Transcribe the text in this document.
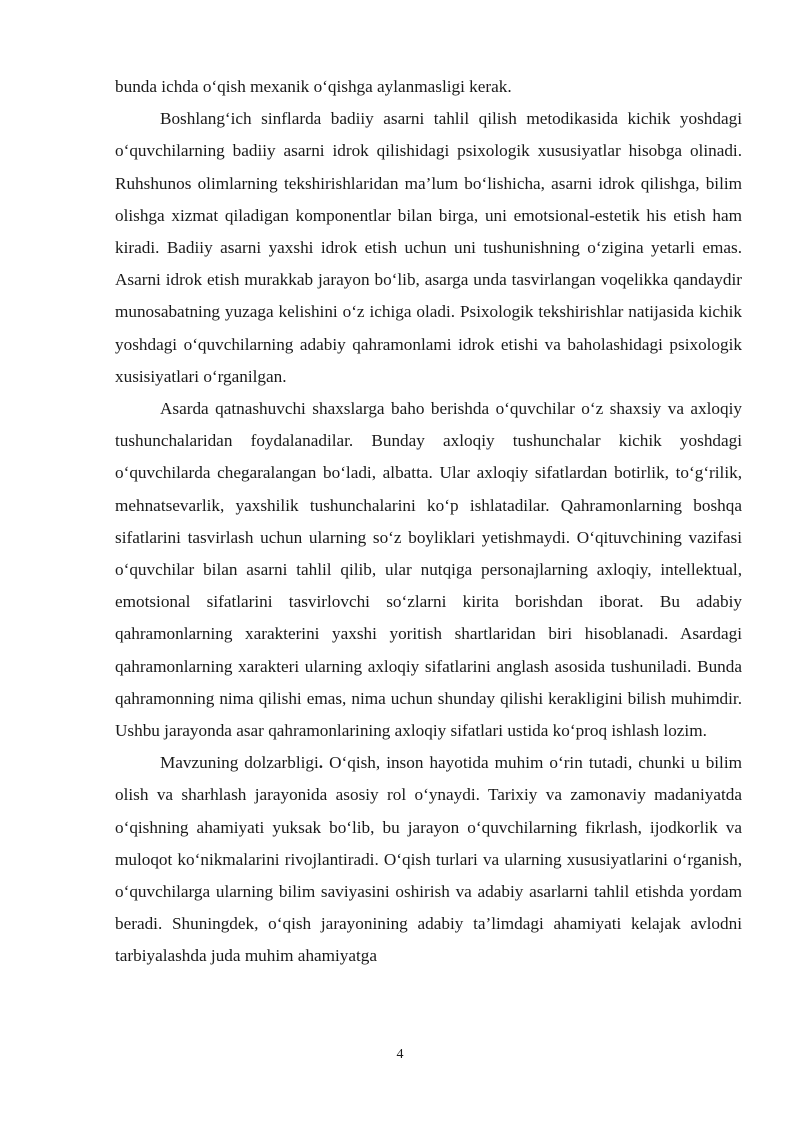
bunda ichda o‘qish mexanik o‘qishga aylanmasligi kerak.

Boshlang‘ich sinflarda badiiy asarni tahlil qilish metodikasida kichik yoshdagi o‘quvchilarning badiiy asarni idrok qilishidagi psixologik xususiyatlar hisobga olinadi. Ruhshunos olimlarning tekshirishlaridan ma’lum bo‘lishicha, asarni idrok qilishga, bilim olishga xizmat qiladigan komponentlar bilan birga, uni emotsional-estetik his etish ham kiradi. Badiiy asarni yaxshi idrok etish uchun uni tushunishning o‘zigina yetarli emas. Asarni idrok etish murakkab jarayon bo‘lib, asarga unda tasvirlangan voqelikka qandaydir munosabatning yuzaga kelishini o‘z ichiga oladi. Psixologik tekshirishlar natijasida kichik yoshdagi o‘quvchilarning adabiy qahramonlami idrok etishi va baholashidagi psixologik xusisiyatlari o‘rganilgan.

Asarda qatnashuvchi shaxslarga baho berishda o‘quvchilar o‘z shaxsiy va axloqiy tushunchalaridan foydalanadilar. Bunday axloqiy tushunchalar kichik yoshdagi o‘quvchilarda chegaralangan bo‘ladi, albatta. Ular axloqiy sifatlardan botirlik, to‘g‘rilik, mehnatsevarlik, yaxshilik tushunchalarini ko‘p ishlatadilar. Qahramonlarning boshqa sifatlarini tasvirlash uchun ularning so‘z boyliklari yetishmaydi. O‘qituvchining vazifasi o‘quvchilar bilan asarni tahlil qilib, ular nutqiga personajlarning axloqiy, intellektual, emotsional sifatlarini tasvirlovchi so‘zlarni kirita borishdan iborat. Bu adabiy qahramonlarning xarakterini yaxshi yoritish shartlaridan biri hisoblanadi. Asardagi qahramonlarning xarakteri ularning axloqiy sifatlarini anglash asosida tushuniladi. Bunda qahramonning nima qilishi emas, nima uchun shunday qilishi kerakligini bilish muhimdir. Ushbu jarayonda asar qahramonlarining axloqiy sifatlari ustida ko‘proq ishlash lozim.

Mavzuning dolzarbligi. O‘qish, inson hayotida muhim o‘rin tutadi, chunki u bilim olish va sharhlash jarayonida asosiy rol o‘ynaydi. Tarixiy va zamonaviy madaniyatda o‘qishning ahamiyati yuksak bo‘lib, bu jarayon o‘quvchilarning fikrlash, ijodkorlik va muloqot ko‘nikmalarini rivojlantiradi. O‘qish turlari va ularning xususiyatlarini o‘rganish, o‘quvchilarga ularning bilim saviyasini oshirish va adabiy asarlarni tahlil etishda yordam beradi. Shuningdek, o‘qish jarayonining adabiy ta’limdagi ahamiyati kelajak avlodni tarbiyalashda juda muhim ahamiyatga

4
